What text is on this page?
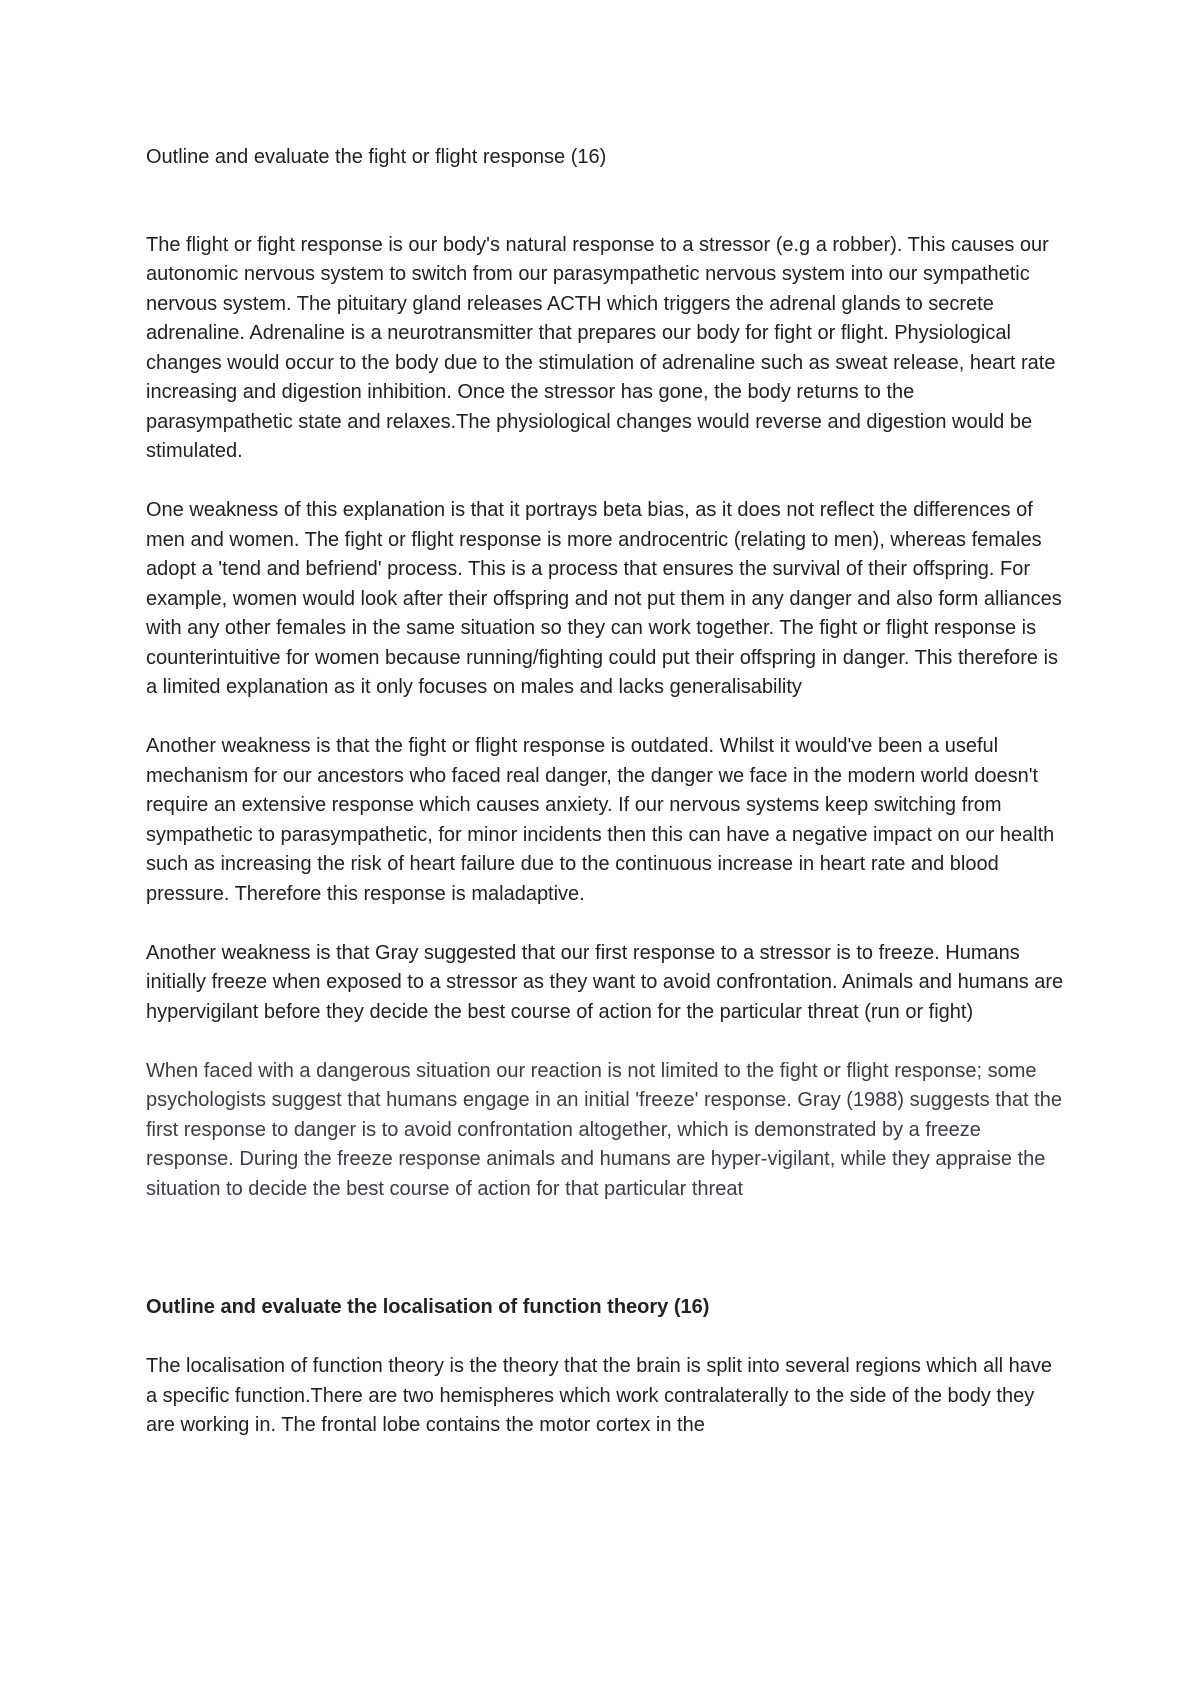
Outline and evaluate the fight or flight response (16)
The flight or fight response is our body's natural response to a stressor (e.g a robber). This causes our autonomic nervous system to switch from our parasympathetic nervous system into our sympathetic nervous system. The pituitary gland releases ACTH which triggers the adrenal glands to secrete adrenaline. Adrenaline is a neurotransmitter that prepares our body for fight or flight. Physiological changes would occur to the body due to the stimulation of adrenaline such as sweat release, heart rate increasing and digestion inhibition. Once the stressor has gone, the body returns to the parasympathetic state and relaxes.The physiological changes would reverse and digestion would be stimulated.
One weakness of this explanation is that it portrays beta bias, as it does not reflect the differences of men and women. The fight or flight response is more androcentric (relating to men), whereas females adopt a 'tend and befriend' process. This is a process that ensures the survival of their offspring. For example, women would look after their offspring and not put them in any danger and also form alliances with any other females in the same situation so they can work together. The fight or flight response is counterintuitive for women because running/fighting could put their offspring in danger. This therefore is a limited explanation as it only focuses on males and lacks generalisability
Another weakness is that the fight or flight response is outdated. Whilst it would've been a useful mechanism for our ancestors who faced real danger, the danger we face in the modern world doesn't require an extensive response which causes anxiety. If our nervous systems keep switching from sympathetic to parasympathetic, for minor incidents then this can have a negative impact on our health such as increasing the risk of heart failure due to the continuous increase in heart rate and blood pressure. Therefore this response is maladaptive.
Another weakness is that Gray suggested that our first response to a stressor is to freeze. Humans initially freeze when exposed to a stressor as they want to avoid confrontation. Animals and humans are hypervigilant before they decide the best course of action for the particular threat (run or fight)
When faced with a dangerous situation our reaction is not limited to the fight or flight response; some psychologists suggest that humans engage in an initial 'freeze' response. Gray (1988) suggests that the first response to danger is to avoid confrontation altogether, which is demonstrated by a freeze response. During the freeze response animals and humans are hyper-vigilant, while they appraise the situation to decide the best course of action for that particular threat
Outline and evaluate the localisation of function theory (16)
The localisation of function theory is the theory that the brain is split into several regions which all have a specific function.There are two hemispheres which work contralaterally to the side of the body they are working in. The frontal lobe contains the motor cortex in the
